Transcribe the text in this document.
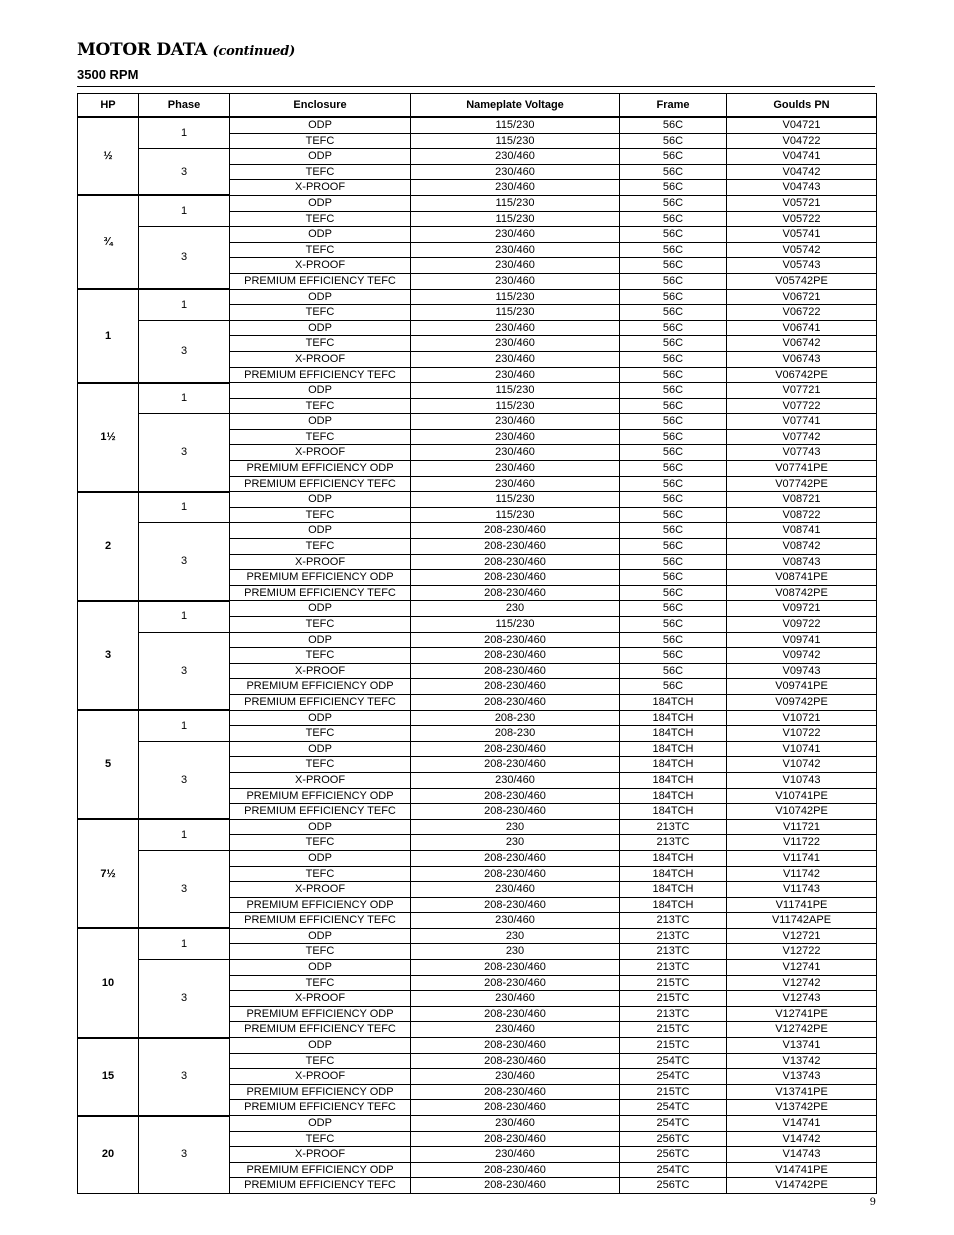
MOTOR DATA (continued)
3500 RPM
HP	Phase	Enclosure	Nameplate Voltage	Frame	Goulds PN
½	1	ODP	115/230	56C	V04721
		TEFC	115/230	56C	V04722
	3	ODP	230/460	56C	V04741
		TEFC	230/460	56C	V04742
		X-PROOF	230/460	56C	V04743
¾	1	ODP	115/230	56C	V05721
		TEFC	115/230	56C	V05722
	3	ODP	230/460	56C	V05741
		TEFC	230/460	56C	V05742
		X-PROOF	230/460	56C	V05743
		PREMIUM EFFICIENCY TEFC	230/460	56C	V05742PE
1	1	ODP	115/230	56C	V06721
		TEFC	115/230	56C	V06722
	3	ODP	230/460	56C	V06741
		TEFC	230/460	56C	V06742
		X-PROOF	230/460	56C	V06743
		PREMIUM EFFICIENCY TEFC	230/460	56C	V06742PE
1½	1	ODP	115/230	56C	V07721
		TEFC	115/230	56C	V07722
	3	ODP	230/460	56C	V07741
		TEFC	230/460	56C	V07742
		X-PROOF	230/460	56C	V07743
		PREMIUM EFFICIENCY ODP	230/460	56C	V07741PE
		PREMIUM EFFICIENCY TEFC	230/460	56C	V07742PE
2	1	ODP	115/230	56C	V08721
		TEFC	115/230	56C	V08722
	3	ODP	208-230/460	56C	V08741
		TEFC	208-230/460	56C	V08742
		X-PROOF	208-230/460	56C	V08743
		PREMIUM EFFICIENCY ODP	208-230/460	56C	V08741PE
		PREMIUM EFFICIENCY TEFC	208-230/460	56C	V08742PE
3	1	ODP	230	56C	V09721
		TEFC	115/230	56C	V09722
	3	ODP	208-230/460	56C	V09741
		TEFC	208-230/460	56C	V09742
		X-PROOF	208-230/460	56C	V09743
		PREMIUM EFFICIENCY ODP	208-230/460	56C	V09741PE
		PREMIUM EFFICIENCY TEFC	208-230/460	184TCH	V09742PE
5	1	ODP	208-230	184TCH	V10721
		TEFC	208-230	184TCH	V10722
	3	ODP	208-230/460	184TCH	V10741
		TEFC	208-230/460	184TCH	V10742
		X-PROOF	230/460	184TCH	V10743
		PREMIUM EFFICIENCY ODP	208-230/460	184TCH	V10741PE
		PREMIUM EFFICIENCY TEFC	208-230/460	184TCH	V10742PE
7½	1	ODP	230	213TC	V11721
		TEFC	230	213TC	V11722
	3	ODP	208-230/460	184TCH	V11741
		TEFC	208-230/460	184TCH	V11742
		X-PROOF	230/460	184TCH	V11743
		PREMIUM EFFICIENCY ODP	208-230/460	184TCH	V11741PE
		PREMIUM EFFICIENCY TEFC	230/460	213TC	V11742APE
10	1	ODP	230	213TC	V12721
		TEFC	230	213TC	V12722
	3	ODP	208-230/460	213TC	V12741
		TEFC	208-230/460	215TC	V12742
		X-PROOF	230/460	215TC	V12743
		PREMIUM EFFICIENCY ODP	208-230/460	213TC	V12741PE
		PREMIUM EFFICIENCY TEFC	230/460	215TC	V12742PE
15	3	ODP	208-230/460	215TC	V13741
		TEFC	208-230/460	254TC	V13742
		X-PROOF	230/460	254TC	V13743
		PREMIUM EFFICIENCY ODP	208-230/460	215TC	V13741PE
		PREMIUM EFFICIENCY TEFC	208-230/460	254TC	V13742PE
20	3	ODP	230/460	254TC	V14741
		TEFC	208-230/460	256TC	V14742
		X-PROOF	230/460	256TC	V14743
		PREMIUM EFFICIENCY ODP	208-230/460	254TC	V14741PE
		PREMIUM EFFICIENCY TEFC	208-230/460	256TC	V14742PE

9
